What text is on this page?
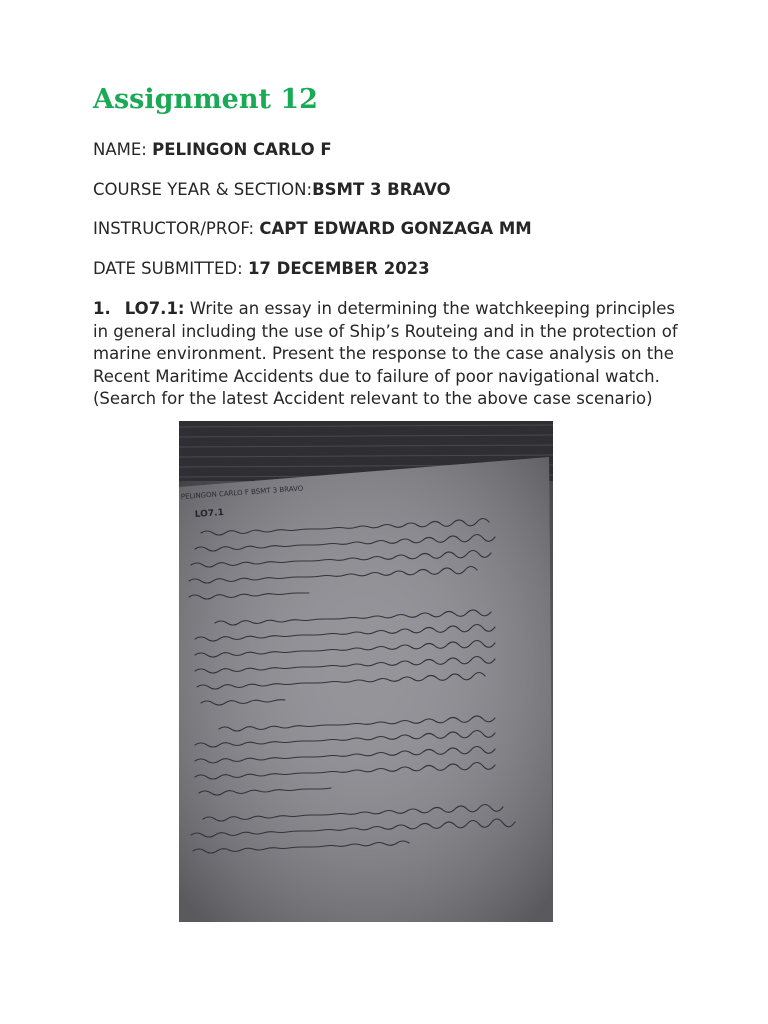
Assignment 12

NAME: PELINGON CARLO F

COURSE YEAR & SECTION:BSMT 3 BRAVO

INSTRUCTOR/PROF: CAPT EDWARD GONZAGA MM

DATE SUBMITTED: 17 DECEMBER 2023

1. LO7.1: Write an essay in determining the watchkeeping principles in general including the use of Ship’s Routeing and in the protection of marine environment. Present the response to the case analysis on the Recent Maritime Accidents due to failure of poor navigational watch. (Search for the latest Accident relevant to the above case scenario)

PELINGON CARLO F BSMT 3 BRAVO
LO7.1
